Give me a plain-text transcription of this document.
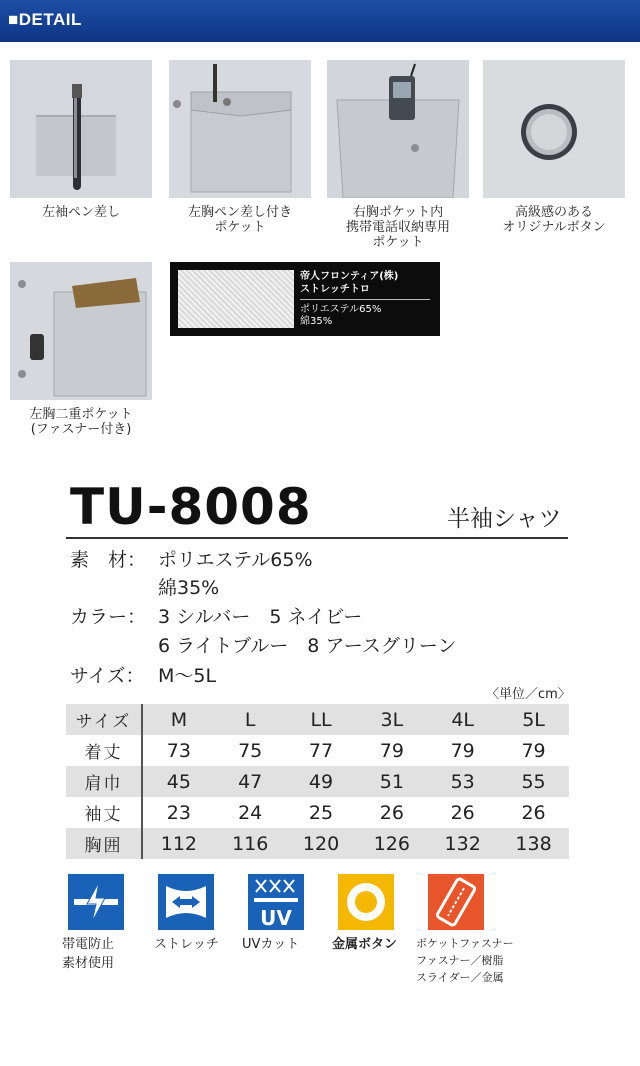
■DETAIL
左袖ペン差し	左胸ペン差し付き
ポケット
右胸ポケット内
携帯電話収納専用
ポケット
高級感のある
オリジナルボタン
左胸二重ポケット
(ファスナー付き)
帝人フロンティア(株)
ストレッチトロ
ポリエステル65%
綿35%
TU-8008	半袖シャツ
素　材： ポリエステル65%
綿35%
カラー： 3 シルバー　5 ネイビー
6 ライトブルー　8 アースグリーン
サイズ： M〜5L
〈単位／cm〉
サイズ	M	L	LL	3L	4L	5L
着丈	73	75	77	79	79	79
肩巾	45	47	49	51	53	55
袖丈	23	24	25	26	26	26
胸囲	112	116	120	126	132	138
UV
帯電防止
素材使用
ストレッチ UVカット	金属ボタン ポケットファスナー
ファスナー／樹脂
スライダー／金属
